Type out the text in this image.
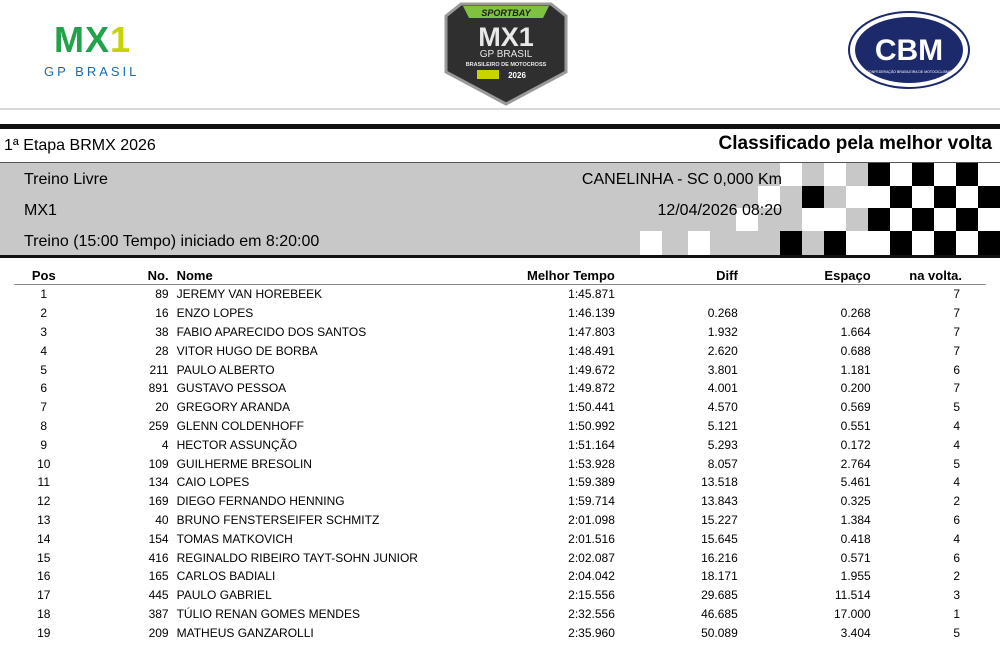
MX1
GP BRASIL
SPORTBAY
MX1
GP BRASIL
BRASILEIRO DE MOTOCROSS
2026
CBM
CONFEDERAÇÃO BRASILEIRA DE MOTOCICLISMO
1ª Etapa BRMX 2026	Classificado pela melhor volta
Treino Livre
MX1
Treino (15:00 Tempo) iniciado em 8:20:00
CANELINHA - SC 0,000 Km
12/04/2026 08:20
Pos	No.	Nome	Melhor Tempo	Diff	Espaço	na volta.
1	89	JEREMY VAN HOREBEEK	1:45.871			7
2	16	ENZO LOPES	1:46.139	0.268	0.268	7
3	38	FABIO APARECIDO DOS SANTOS	1:47.803	1.932	1.664	7
4	28	VITOR HUGO DE BORBA	1:48.491	2.620	0.688	7
5	211	PAULO ALBERTO	1:49.672	3.801	1.181	6
6	891	GUSTAVO PESSOA	1:49.872	4.001	0.200	7
7	20	GREGORY ARANDA	1:50.441	4.570	0.569	5
8	259	GLENN COLDENHOFF	1:50.992	5.121	0.551	4
9	4	HECTOR ASSUNÇÃO	1:51.164	5.293	0.172	4
10	109	GUILHERME BRESOLIN	1:53.928	8.057	2.764	5
11	134	CAIO LOPES	1:59.389	13.518	5.461	4
12	169	DIEGO FERNANDO HENNING	1:59.714	13.843	0.325	2
13	40	BRUNO FENSTERSEIFER SCHMITZ	2:01.098	15.227	1.384	6
14	154	TOMAS MATKOVICH	2:01.516	15.645	0.418	4
15	416	REGINALDO RIBEIRO TAYT-SOHN JUNIOR	2:02.087	16.216	0.571	6
16	165	CARLOS BADIALI	2:04.042	18.171	1.955	2
17	445	PAULO GABRIEL	2:15.556	29.685	11.514	3
18	387	TÚLIO RENAN GOMES MENDES	2:32.556	46.685	17.000	1
19	209	MATHEUS GANZAROLLI	2:35.960	50.089	3.404	5
